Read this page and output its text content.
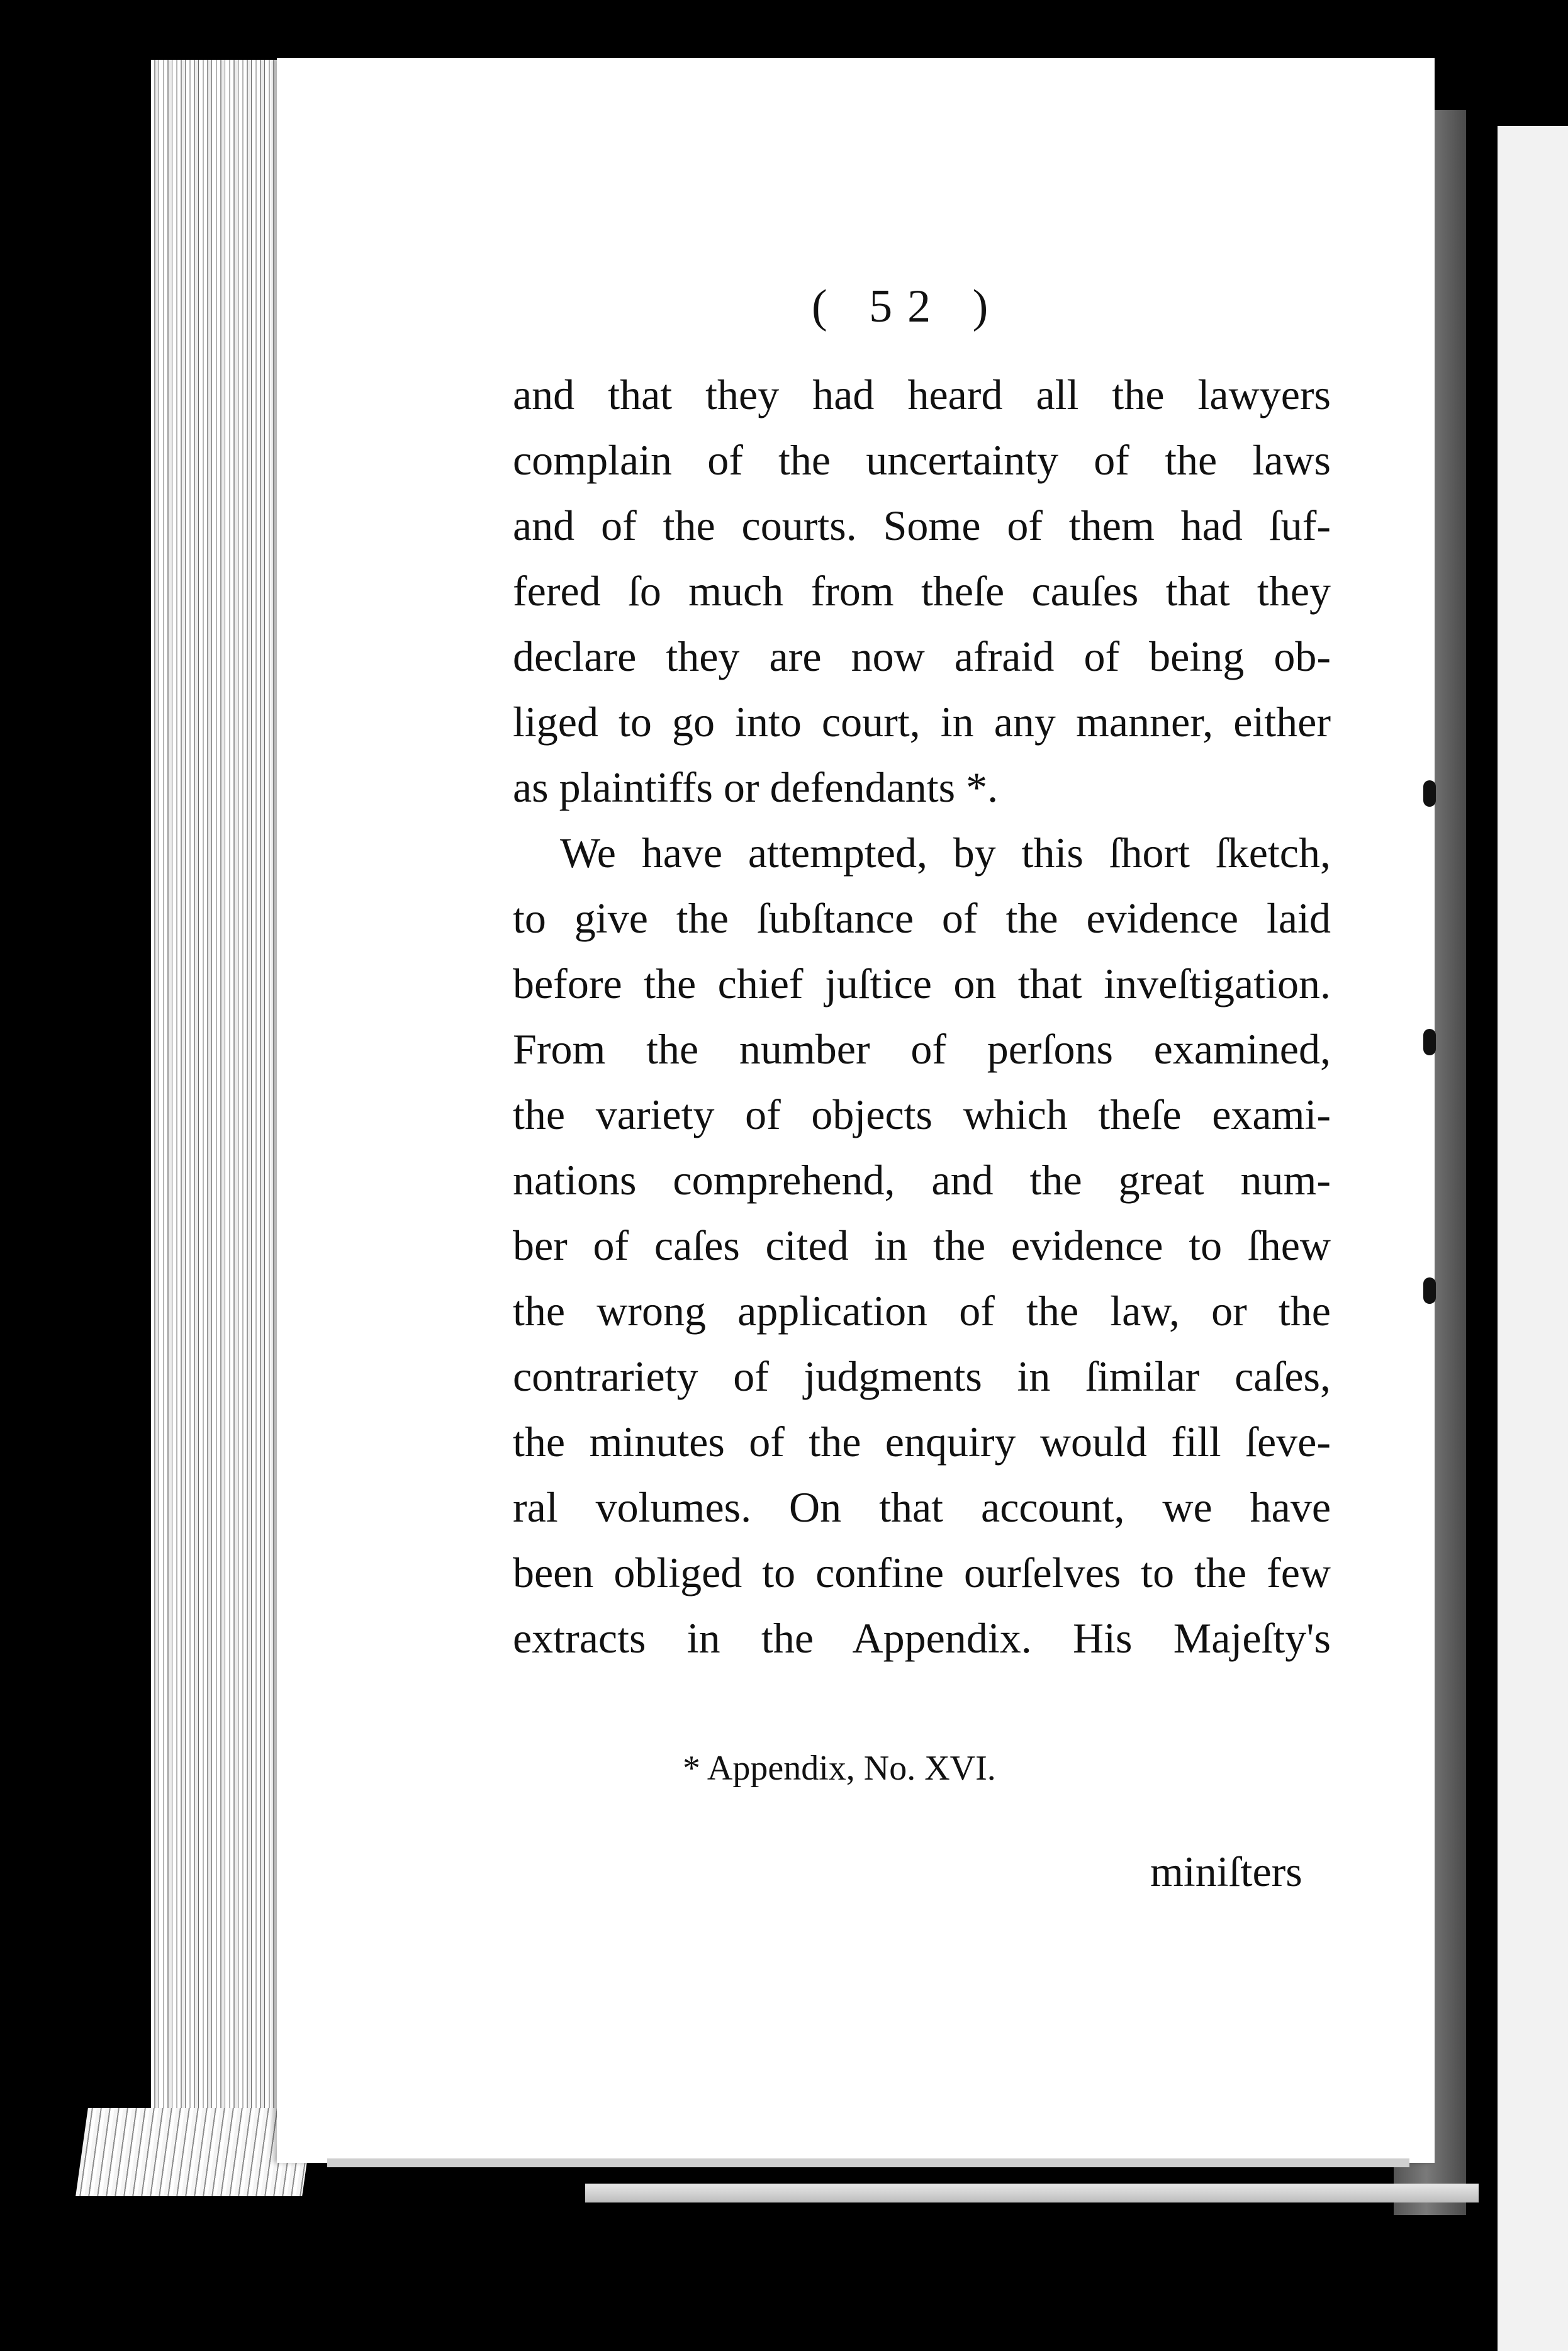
( 52 )
and that they had heard all the lawyers
complain of the uncertainty of the laws
and of the courts. Some of them had ſuf-
fered ſo much from theſe cauſes that they
declare they are now afraid of being ob-
liged to go into court, in any manner, either
as plaintiffs or defendants *.
We have attempted, by this ſhort ſketch,
to give the ſubſtance of the evidence laid
before the chief juſtice on that inveſtigation.
From the number of perſons examined,
the variety of objects which theſe exami-
nations comprehend, and the great num-
ber of caſes cited in the evidence to ſhew
the wrong application of the law, or the
contrariety of judgments in ſimilar caſes,
the minutes of the enquiry would fill ſeve-
ral volumes. On that account, we have
been obliged to confine ourſelves to the few
extracts in the Appendix. His Majeſty's
* Appendix, No. XVI.
miniſters
